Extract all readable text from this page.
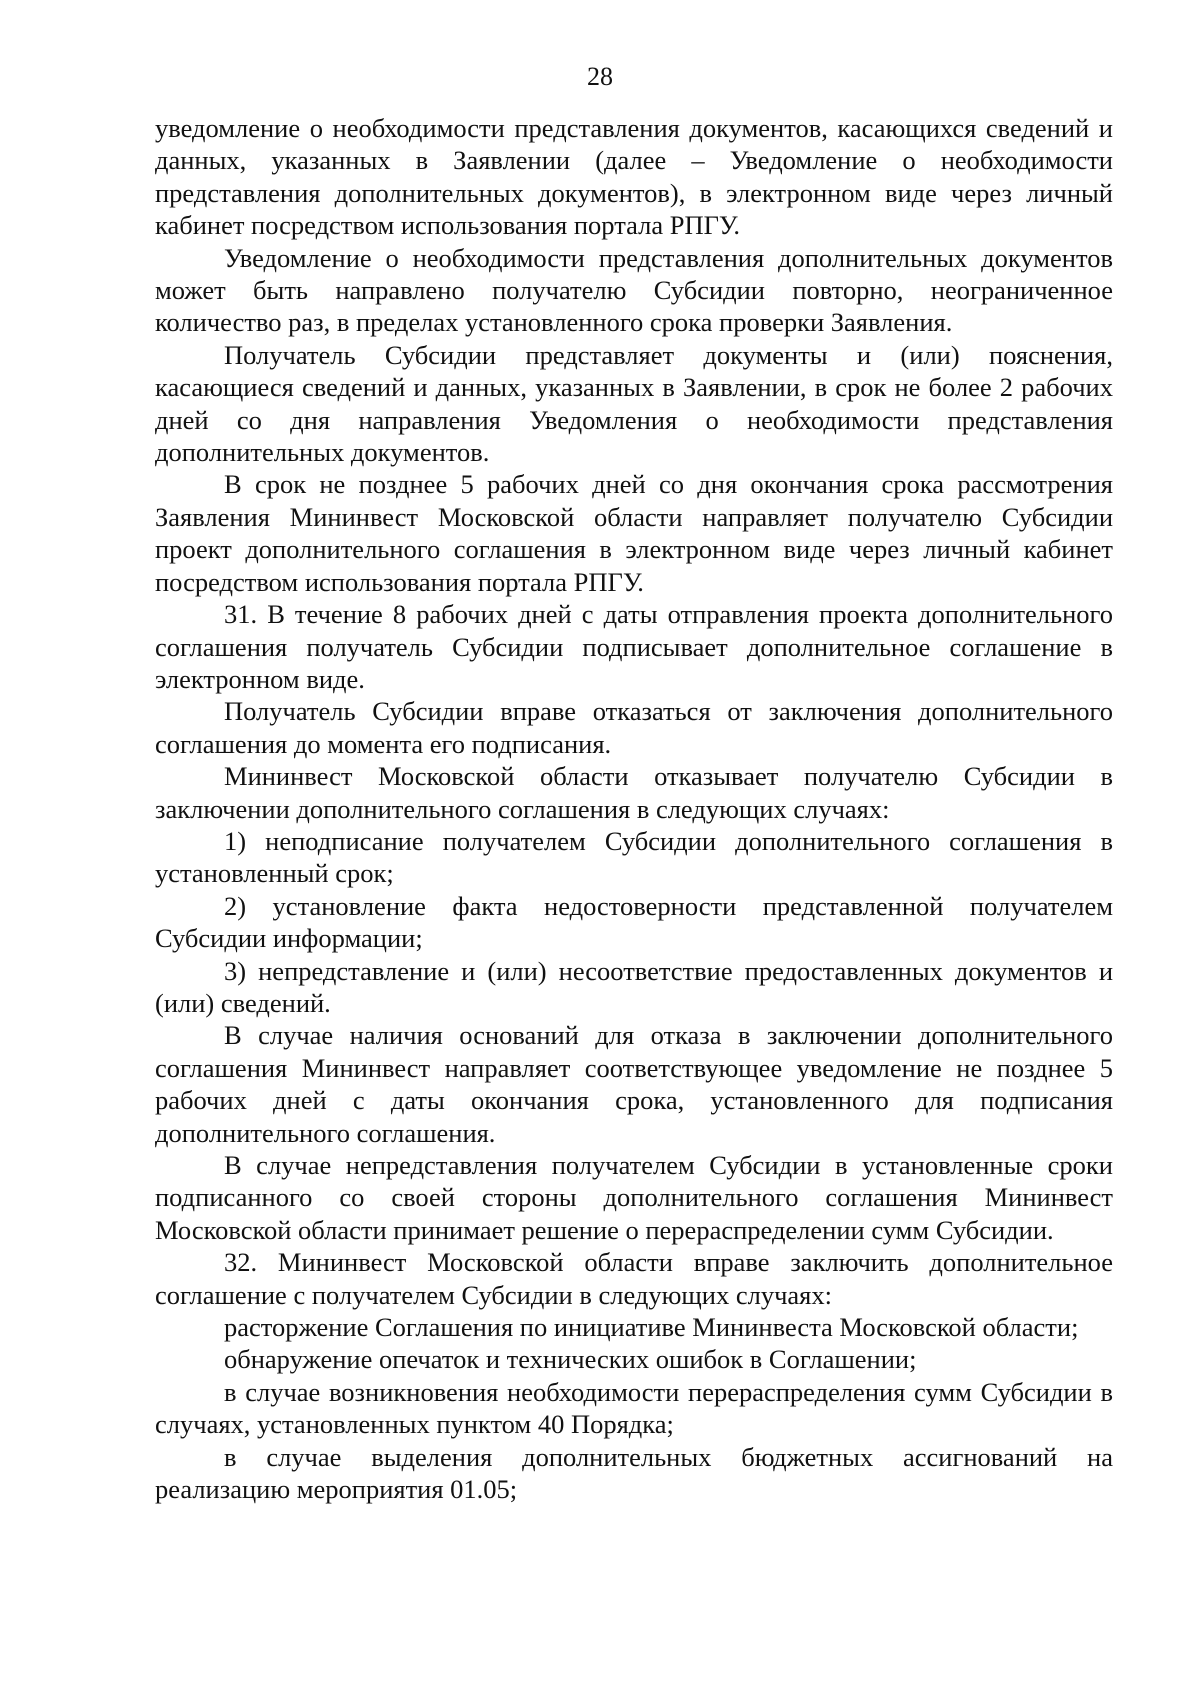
28

уведомление о необходимости представления документов, касающихся сведений и данных, указанных в Заявлении (далее – Уведомление о необходимости представления дополнительных документов), в электронном виде через личный кабинет посредством использования портала РПГУ.

Уведомление о необходимости представления дополнительных документов может быть направлено получателю Субсидии повторно, неограниченное количество раз, в пределах установленного срока проверки Заявления.

Получатель Субсидии представляет документы и (или) пояснения, касающиеся сведений и данных, указанных в Заявлении, в срок не более 2 рабочих дней со дня направления Уведомления о необходимости представления дополнительных документов.

В срок не позднее 5 рабочих дней со дня окончания срока рассмотрения Заявления Мининвест Московской области направляет получателю Субсидии проект дополнительного соглашения в электронном виде через личный кабинет посредством использования портала РПГУ.

31. В течение 8 рабочих дней с даты отправления проекта дополнительного соглашения получатель Субсидии подписывает дополнительное соглашение в электронном виде.

Получатель Субсидии вправе отказаться от заключения дополнительного соглашения до момента его подписания.

Мининвест Московской области отказывает получателю Субсидии в заключении дополнительного соглашения в следующих случаях:

1) неподписание получателем Субсидии дополнительного соглашения в установленный срок;

2) установление факта недостоверности представленной получателем Субсидии информации;

3) непредставление и (или) несоответствие предоставленных документов и (или) сведений.

В случае наличия оснований для отказа в заключении дополнительного соглашения Мининвест направляет соответствующее уведомление не позднее 5 рабочих дней с даты окончания срока, установленного для подписания дополнительного соглашения.

В случае непредставления получателем Субсидии в установленные сроки подписанного со своей стороны дополнительного соглашения Мининвест Московской области принимает решение о перераспределении сумм Субсидии.

32. Мининвест Московской области вправе заключить дополнительное соглашение с получателем Субсидии в следующих случаях:

расторжение Соглашения по инициативе Мининвеста Московской области;

обнаружение опечаток и технических ошибок в Соглашении;

в случае возникновения необходимости перераспределения сумм Субсидии в случаях, установленных пунктом 40 Порядка;

в случае выделения дополнительных бюджетных ассигнований на реализацию мероприятия 01.05;
